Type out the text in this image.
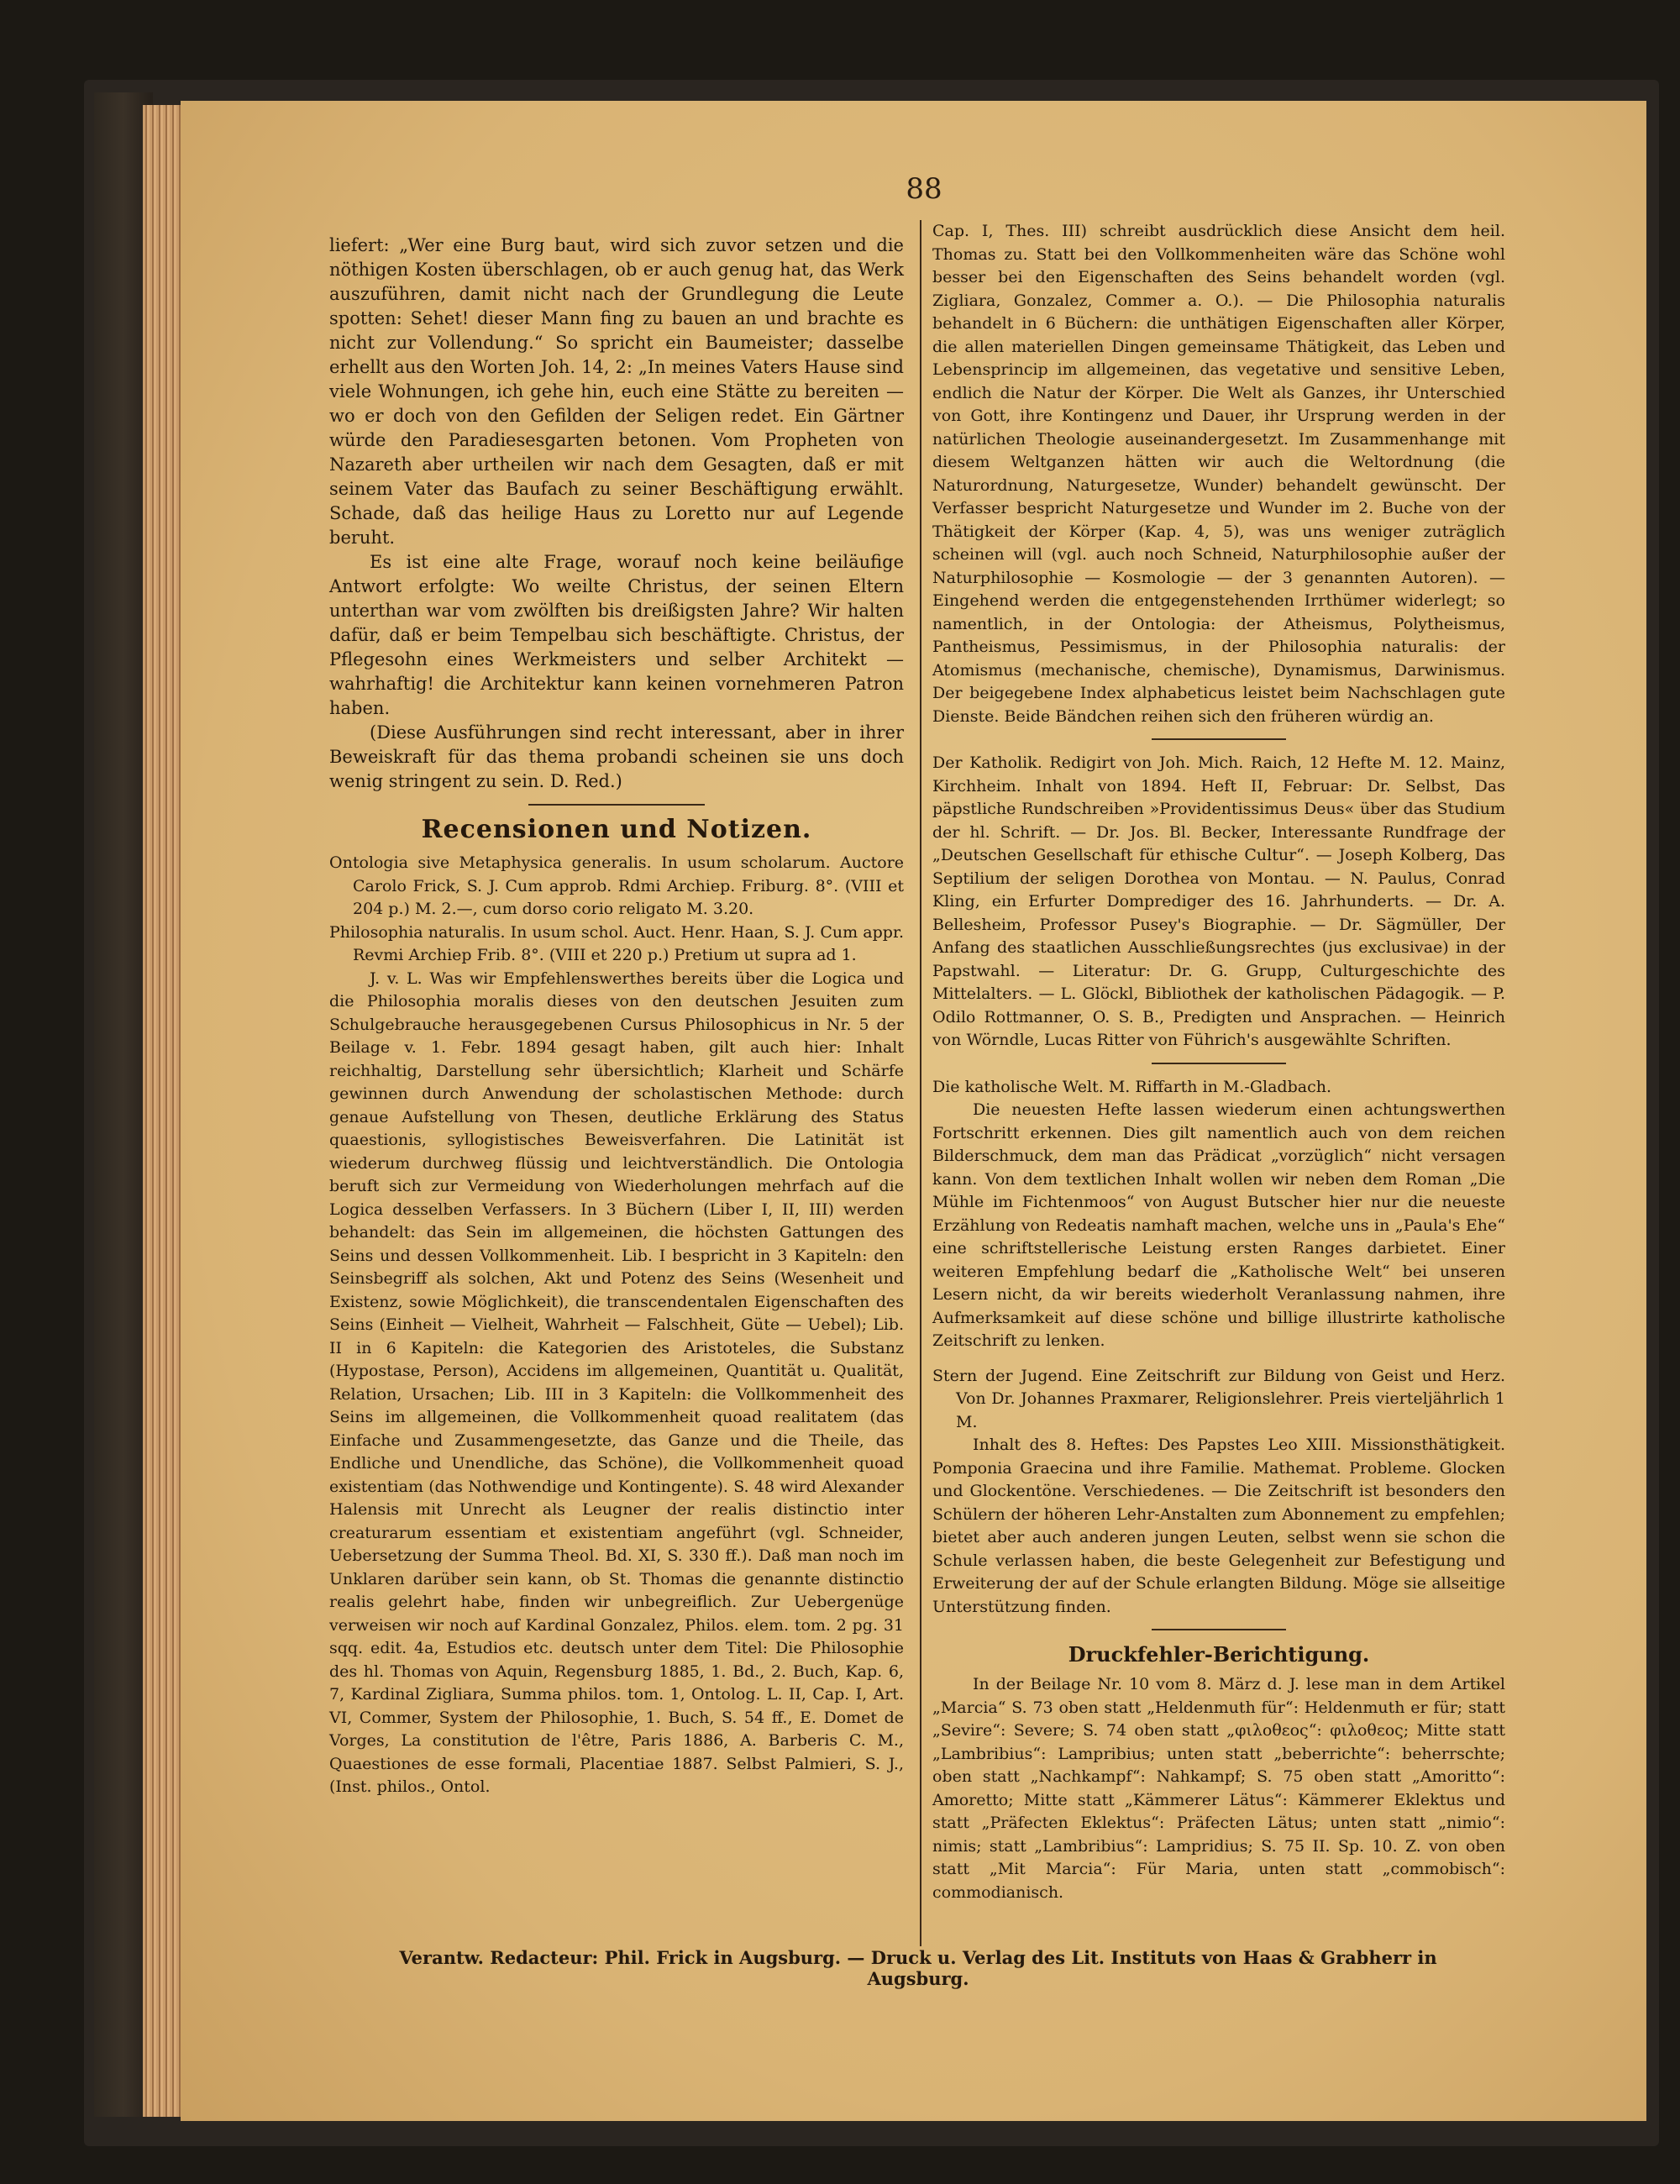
88

liefert: „Wer eine Burg baut, wird sich zuvor setzen und die nöthigen Kosten überschlagen, ob er auch genug hat, das Werk auszuführen, damit nicht nach der Grundlegung die Leute spotten: Sehet! dieser Mann fing zu bauen an und brachte es nicht zur Vollendung.“ So spricht ein Baumeister; dasselbe erhellt aus den Worten Joh. 14, 2: „In meines Vaters Hause sind viele Wohnungen, ich gehe hin, euch eine Stätte zu bereiten — wo er doch von den Gefilden der Seligen redet. Ein Gärtner würde den Paradiesesgarten betonen. Vom Propheten von Nazareth aber urtheilen wir nach dem Gesagten, daß er mit seinem Vater das Baufach zu seiner Beschäftigung erwählt. Schade, daß das heilige Haus zu Loretto nur auf Legende beruht.

Es ist eine alte Frage, worauf noch keine beiläufige Antwort erfolgte: Wo weilte Christus, der seinen Eltern unterthan war vom zwölften bis dreißigsten Jahre? Wir halten dafür, daß er beim Tempelbau sich beschäftigte. Christus, der Pflegesohn eines Werkmeisters und selber Architekt — wahrhaftig! die Architektur kann keinen vornehmeren Patron haben.

(Diese Ausführungen sind recht interessant, aber in ihrer Beweiskraft für das thema probandi scheinen sie uns doch wenig stringent zu sein. D. Red.)

Recensionen und Notizen.

Ontologia sive Metaphysica generalis. In usum scholarum. Auctore Carolo Frick, S. J. Cum approb. Rdmi Archiep. Friburg. 8°. (VIII et 204 p.) M. 2.—, cum dorso corio religato M. 3.20.

Philosophia naturalis. In usum schol. Auct. Henr. Haan, S. J. Cum appr. Revmi Archiep Frib. 8°. (VIII et 220 p.) Pretium ut supra ad 1.

J. v. L. Was wir Empfehlenswerthes bereits über die Logica und die Philosophia moralis dieses von den deutschen Jesuiten zum Schulgebrauche herausgegebenen Cursus Philosophicus in Nr. 5 der Beilage v. 1. Febr. 1894 gesagt haben, gilt auch hier: Inhalt reichhaltig, Darstellung sehr übersichtlich; Klarheit und Schärfe gewinnen durch Anwendung der scholastischen Methode: durch genaue Aufstellung von Thesen, deutliche Erklärung des Status quaestionis, syllogistisches Beweisverfahren. Die Latinität ist wiederum durchweg flüssig und leichtverständlich. Die Ontologia beruft sich zur Vermeidung von Wiederholungen mehrfach auf die Logica desselben Verfassers. In 3 Büchern (Liber I, II, III) werden behandelt: das Sein im allgemeinen, die höchsten Gattungen des Seins und dessen Vollkommenheit. Lib. I bespricht in 3 Kapiteln: den Seinsbegriff als solchen, Akt und Potenz des Seins (Wesenheit und Existenz, sowie Möglichkeit), die transcendentalen Eigenschaften des Seins (Einheit — Vielheit, Wahrheit — Falschheit, Güte — Uebel); Lib. II in 6 Kapiteln: die Kategorien des Aristoteles, die Substanz (Hypostase, Person), Accidens im allgemeinen, Quantität u. Qualität, Relation, Ursachen; Lib. III in 3 Kapiteln: die Vollkommenheit des Seins im allgemeinen, die Vollkommenheit quoad realitatem (das Einfache und Zusammengesetzte, das Ganze und die Theile, das Endliche und Unendliche, das Schöne), die Vollkommenheit quoad existentiam (das Nothwendige und Kontingente). S. 48 wird Alexander Halensis mit Unrecht als Leugner der realis distinctio inter creaturarum essentiam et existentiam angeführt (vgl. Schneider, Uebersetzung der Summa Theol. Bd. XI, S. 330 ff.). Daß man noch im Unklaren darüber sein kann, ob St. Thomas die genannte distinctio realis gelehrt habe, finden wir unbegreiflich. Zur Uebergenüge verweisen wir noch auf Kardinal Gonzalez, Philos. elem. tom. 2 pg. 31 sqq. edit. 4a, Estudios etc. deutsch unter dem Titel: Die Philosophie des hl. Thomas von Aquin, Regensburg 1885, 1. Bd., 2. Buch, Kap. 6, 7, Kardinal Zigliara, Summa philos. tom. 1, Ontolog. L. II, Cap. I, Art. VI, Commer, System der Philosophie, 1. Buch, S. 54 ff., E. Domet de Vorges, La constitution de l'être, Paris 1886, A. Barberis C. M., Quaestiones de esse formali, Placentiae 1887. Selbst Palmieri, S. J., (Inst. philos., Ontol.

Cap. I, Thes. III) schreibt ausdrücklich diese Ansicht dem heil. Thomas zu. Statt bei den Vollkommenheiten wäre das Schöne wohl besser bei den Eigenschaften des Seins behandelt worden (vgl. Zigliara, Gonzalez, Commer a. O.). — Die Philosophia naturalis behandelt in 6 Büchern: die unthätigen Eigenschaften aller Körper, die allen materiellen Dingen gemeinsame Thätigkeit, das Leben und Lebensprincip im allgemeinen, das vegetative und sensitive Leben, endlich die Natur der Körper. Die Welt als Ganzes, ihr Unterschied von Gott, ihre Kontingenz und Dauer, ihr Ursprung werden in der natürlichen Theologie auseinandergesetzt. Im Zusammenhange mit diesem Weltganzen hätten wir auch die Weltordnung (die Naturordnung, Naturgesetze, Wunder) behandelt gewünscht. Der Verfasser bespricht Naturgesetze und Wunder im 2. Buche von der Thätigkeit der Körper (Kap. 4, 5), was uns weniger zuträglich scheinen will (vgl. auch noch Schneid, Naturphilosophie außer der Naturphilosophie — Kosmologie — der 3 genannten Autoren). — Eingehend werden die entgegenstehenden Irrthümer widerlegt; so namentlich, in der Ontologia: der Atheismus, Polytheismus, Pantheismus, Pessimismus, in der Philosophia naturalis: der Atomismus (mechanische, chemische), Dynamismus, Darwinismus. Der beigegebene Index alphabeticus leistet beim Nachschlagen gute Dienste. Beide Bändchen reihen sich den früheren würdig an.

Der Katholik. Redigirt von Joh. Mich. Raich, 12 Hefte M. 12. Mainz, Kirchheim. Inhalt von 1894. Heft II, Februar: Dr. Selbst, Das päpstliche Rundschreiben »Providentissimus Deus« über das Studium der hl. Schrift. — Dr. Jos. Bl. Becker, Interessante Rundfrage der „Deutschen Gesellschaft für ethische Cultur“. — Joseph Kolberg, Das Septilium der seligen Dorothea von Montau. — N. Paulus, Conrad Kling, ein Erfurter Domprediger des 16. Jahrhunderts. — Dr. A. Bellesheim, Professor Pusey's Biographie. — Dr. Sägmüller, Der Anfang des staatlichen Ausschließungsrechtes (jus exclusivae) in der Papstwahl. — Literatur: Dr. G. Grupp, Culturgeschichte des Mittelalters. — L. Glöckl, Bibliothek der katholischen Pädagogik. — P. Odilo Rottmanner, O. S. B., Predigten und Ansprachen. — Heinrich von Wörndle, Lucas Ritter von Führich's ausgewählte Schriften.

Die katholische Welt. M. Riffarth in M.-Gladbach.

Die neuesten Hefte lassen wiederum einen achtungswerthen Fortschritt erkennen. Dies gilt namentlich auch von dem reichen Bilderschmuck, dem man das Prädicat „vorzüglich“ nicht versagen kann. Von dem textlichen Inhalt wollen wir neben dem Roman „Die Mühle im Fichtenmoos“ von August Butscher hier nur die neueste Erzählung von Redeatis namhaft machen, welche uns in „Paula's Ehe“ eine schriftstellerische Leistung ersten Ranges darbietet. Einer weiteren Empfehlung bedarf die „Katholische Welt“ bei unseren Lesern nicht, da wir bereits wiederholt Veranlassung nahmen, ihre Aufmerksamkeit auf diese schöne und billige illustrirte katholische Zeitschrift zu lenken.

Stern der Jugend. Eine Zeitschrift zur Bildung von Geist und Herz. Von Dr. Johannes Praxmarer, Religionslehrer. Preis vierteljährlich 1 M.

Inhalt des 8. Heftes: Des Papstes Leo XIII. Missionsthätigkeit. Pomponia Graecina und ihre Familie. Mathemat. Probleme. Glocken und Glockentöne. Verschiedenes. — Die Zeitschrift ist besonders den Schülern der höheren Lehr-Anstalten zum Abonnement zu empfehlen; bietet aber auch anderen jungen Leuten, selbst wenn sie schon die Schule verlassen haben, die beste Gelegenheit zur Befestigung und Erweiterung der auf der Schule erlangten Bildung. Möge sie allseitige Unterstützung finden.

Druckfehler-Berichtigung.

In der Beilage Nr. 10 vom 8. März d. J. lese man in dem Artikel „Marcia“ S. 73 oben statt „Heldenmuth für“: Heldenmuth er für; statt „Sevire“: Severe; S. 74 oben statt „φιλοθεος“: φιλοθεος; Mitte statt „Lambribius“: Lampribius; unten statt „beberrichte“: beherrschte; oben statt „Nachkampf“: Nahkampf; S. 75 oben statt „Amoritto“: Amoretto; Mitte statt „Kämmerer Lätus“: Kämmerer Eklektus und statt „Präfecten Eklektus“: Präfecten Lätus; unten statt „nimio“: nimis; statt „Lambribius“: Lampridius; S. 75 II. Sp. 10. Z. von oben statt „Mit Marcia“: Für Maria, unten statt „commobisch“: commodianisch.

Verantw. Redacteur: Phil. Frick in Augsburg. — Druck u. Verlag des Lit. Instituts von Haas & Grabherr in Augsburg.
